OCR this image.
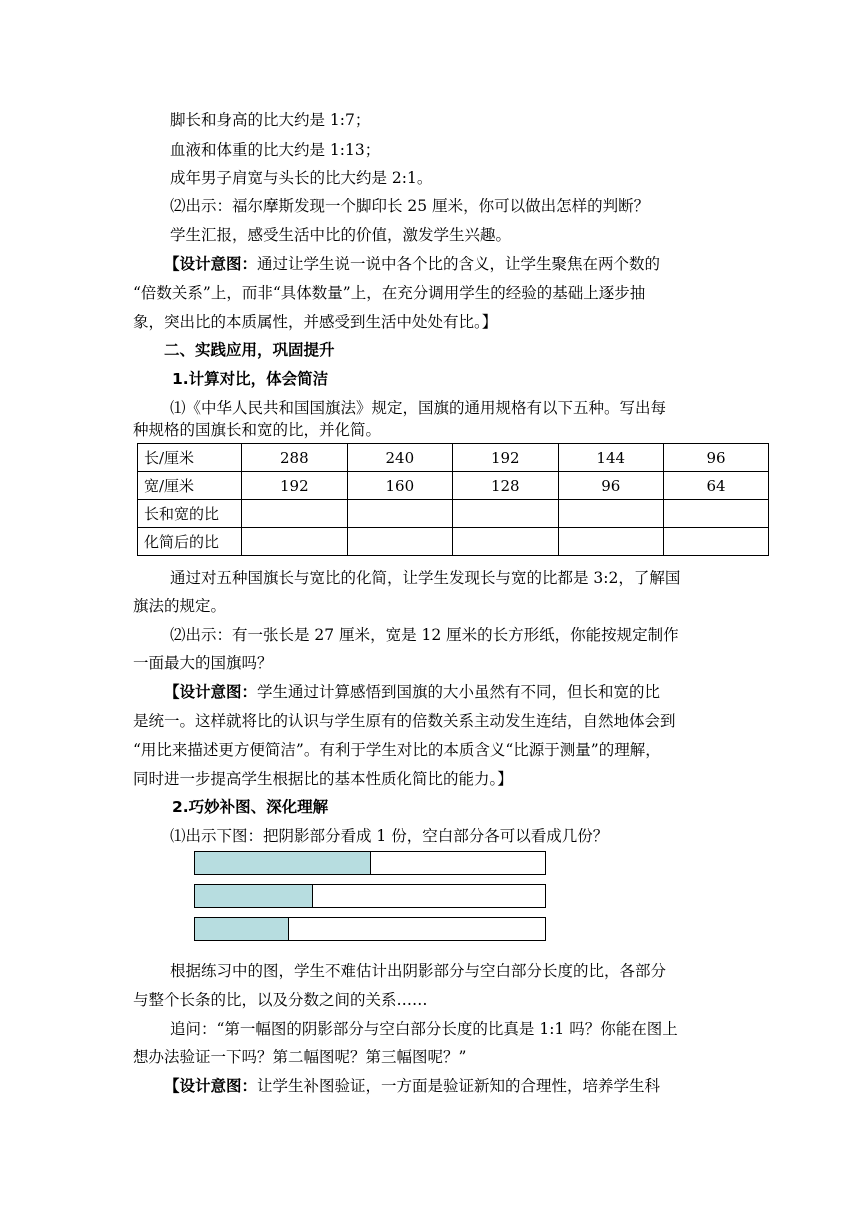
脚长和身高的比大约是 1:7；
血液和体重的比大约是 1:13；
成年男子肩宽与头长的比大约是 2:1。
⑵出示：福尔摩斯发现一个脚印长 25 厘米，你可以做出怎样的判断？
学生汇报，感受生活中比的价值，激发学生兴趣。
【设计意图：通过让学生说一说中各个比的含义，让学生聚焦在两个数的
“倍数关系”上，而非“具体数量”上，在充分调用学生的经验的基础上逐步抽
象，突出比的本质属性，并感受到生活中处处有比。】
二、实践应用，巩固提升
1.计算对比，体会简洁
⑴《中华人民共和国国旗法》规定，国旗的通用规格有以下五种。写出每
种规格的国旗长和宽的比，并化简。
长/厘米	288	240	192	144	96
宽/厘米	192	160	128	96	64
长和宽的比					
化简后的比					
通过对五种国旗长与宽比的化简，让学生发现长与宽的比都是 3:2，了解国
旗法的规定。
⑵出示：有一张长是 27 厘米，宽是 12 厘米的长方形纸，你能按规定制作
一面最大的国旗吗？
【设计意图：学生通过计算感悟到国旗的大小虽然有不同，但长和宽的比
是统一。这样就将比的认识与学生原有的倍数关系主动发生连结，自然地体会到
“用比来描述更方便简洁”。有利于学生对比的本质含义“比源于测量”的理解，
同时进一步提高学生根据比的基本性质化简比的能力。】
2.巧妙补图、深化理解
⑴出示下图：把阴影部分看成 1 份，空白部分各可以看成几份？
根据练习中的图，学生不难估计出阴影部分与空白部分长度的比，各部分
与整个长条的比，以及分数之间的关系……
追问：“第一幅图的阴影部分与空白部分长度的比真是 1:1 吗？你能在图上
想办法验证一下吗？第二幅图呢？第三幅图呢？”
【设计意图：让学生补图验证，一方面是验证新知的合理性，培养学生科
